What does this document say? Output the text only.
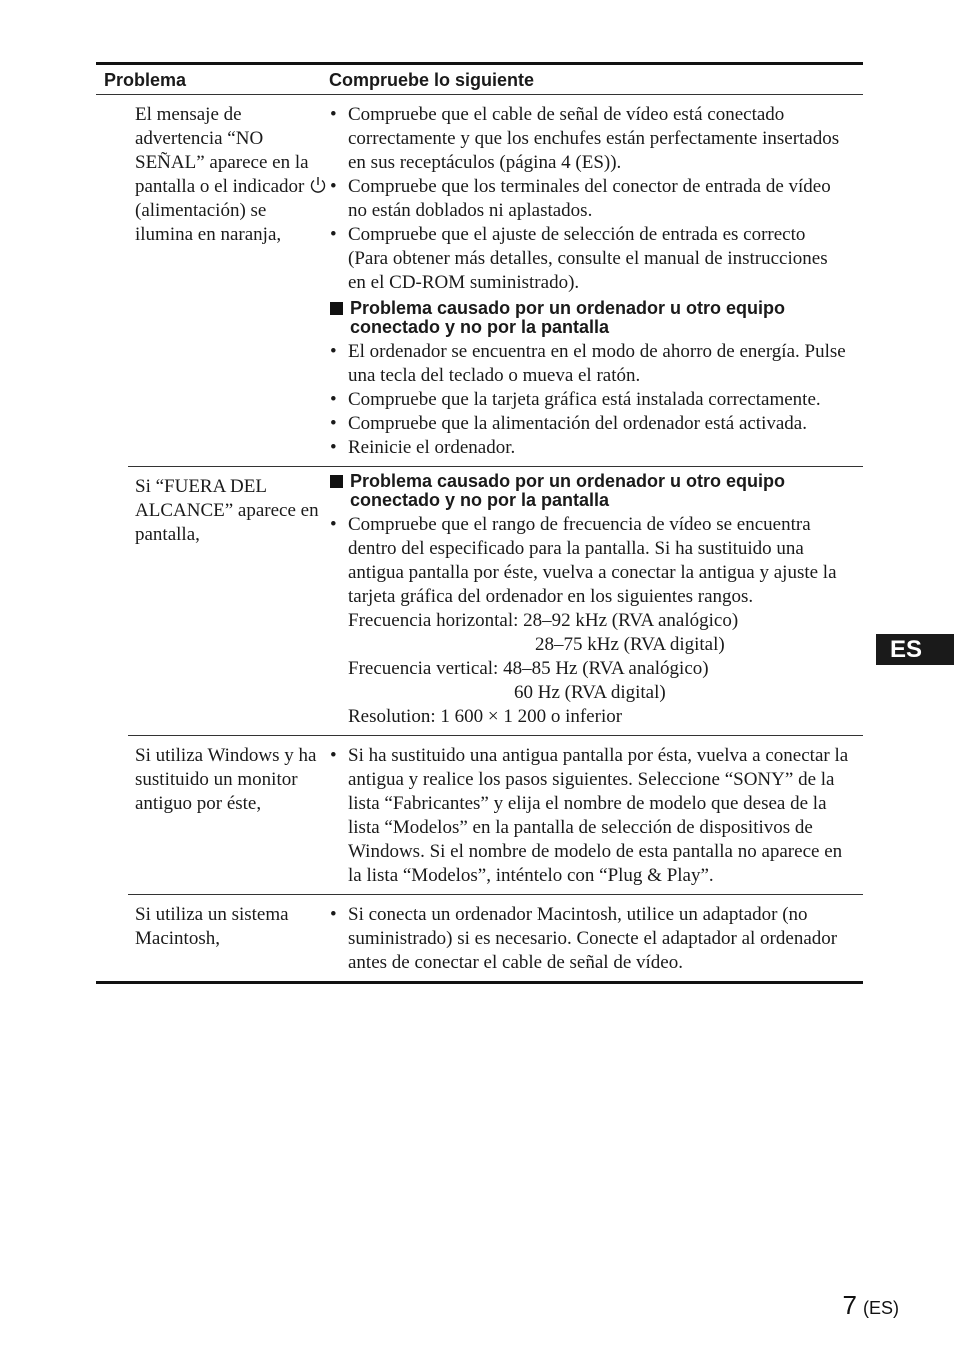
Problema	Compruebe lo siguiente
El mensaje de advertencia “NO SEÑAL” aparece en la pantalla o el indicador  (alimentación) se ilumina en naranja,
• Compruebe que el cable de señal de vídeo está conectado correctamente y que los enchufes están perfectamente insertados en sus receptáculos (página 4 (ES)).
• Compruebe que los terminales del conector de entrada de vídeo no están doblados ni aplastados.
• Compruebe que el ajuste de selección de entrada es correcto (Para obtener más detalles, consulte el manual de instrucciones en el CD-ROM suministrado).
Problema causado por un ordenador u otro equipo conectado y no por la pantalla
• El ordenador se encuentra en el modo de ahorro de energía. Pulse una tecla del teclado o mueva el ratón.
• Compruebe que la tarjeta gráfica está instalada correctamente.
• Compruebe que la alimentación del ordenador está activada.
• Reinicie el ordenador.
Si “FUERA DEL ALCANCE” aparece en pantalla,
Problema causado por un ordenador u otro equipo conectado y no por la pantalla
• Compruebe que el rango de frecuencia de vídeo se encuentra dentro del especificado para la pantalla. Si ha sustituido una antigua pantalla por éste, vuelva a conectar la antigua y ajuste la tarjeta gráfica del ordenador en los siguientes rangos.
Frecuencia horizontal: 28–92 kHz (RVA analógico)
28–75 kHz (RVA digital)
Frecuencia vertical: 48–85 Hz (RVA analógico)
60 Hz (RVA digital)
Resolution: 1 600 × 1 200 o inferior
Si utiliza Windows y ha sustituido un monitor antiguo por éste,
• Si ha sustituido una antigua pantalla por ésta, vuelva a conectar la antigua y realice los pasos siguientes. Seleccione “SONY” de la lista “Fabricantes” y elija el nombre de modelo que desea de la lista “Modelos” en la pantalla de selección de dispositivos de Windows. Si el nombre de modelo de esta pantalla no aparece en la lista “Modelos”, inténtelo con “Plug & Play”.
Si utiliza un sistema Macintosh,
• Si conecta un ordenador Macintosh, utilice un adaptador (no suministrado) si es necesario. Conecte el adaptador al ordenador antes de conectar el cable de señal de vídeo.
ES
7 (ES)
